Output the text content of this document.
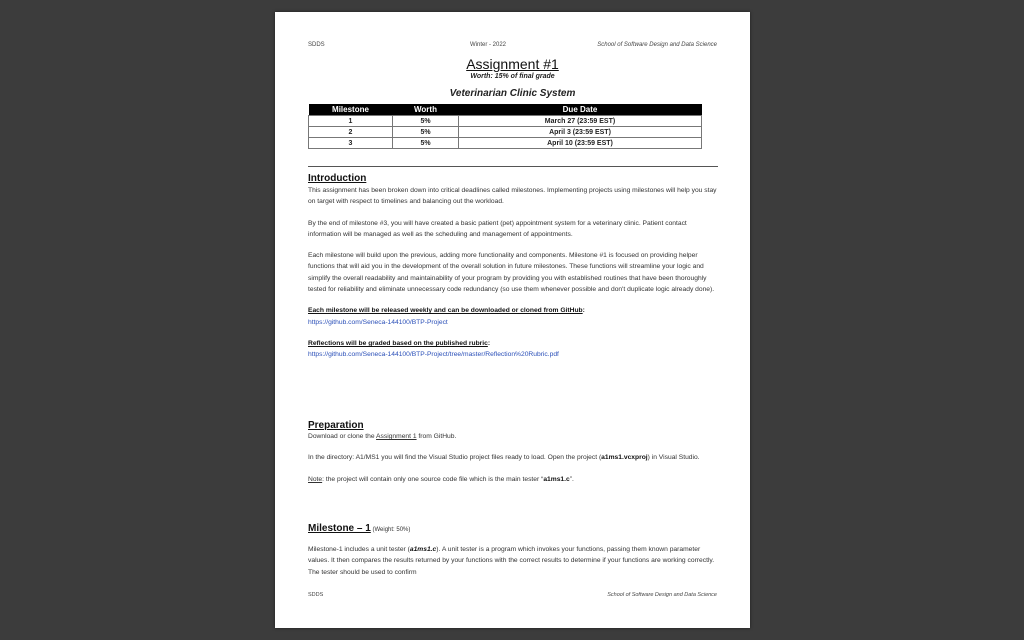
SDDS	Winter - 2022	School of Software Design and Data Science
Assignment #1
Worth: 15% of final grade
Veterinarian Clinic System
Milestone	Worth	Due Date
1	5%	March 27 (23:59 EST)
2	5%	April 3 (23:59 EST)
3	5%	April 10 (23:59 EST)
Introduction

This assignment has been broken down into critical deadlines called milestones. Implementing projects using milestones will help you stay on target with respect to timelines and balancing out the workload.

By the end of milestone #3, you will have created a basic patient (pet) appointment system for a veterinary clinic. Patient contact information will be managed as well as the scheduling and management of appointments.

Each milestone will build upon the previous, adding more functionality and components. Milestone #1 is focused on providing helper functions that will aid you in the development of the overall solution in future milestones. These functions will streamline your logic and simplify the overall readability and maintainability of your program by providing you with established routines that have been thoroughly tested for reliability and eliminate unnecessary code redundancy (so use them whenever possible and don't duplicate logic already done).

Each milestone will be released weekly and can be downloaded or cloned from GitHub:
https://github.com/Seneca-144100/BTP-Project

Reflections will be graded based on the published rubric:
https://github.com/Seneca-144100/BTP-Project/tree/master/Reflection%20Rubric.pdf

Preparation

Download or clone the Assignment 1 from GitHub.

In the directory: A1/MS1 you will find the Visual Studio project files ready to load. Open the project (a1ms1.vcxproj) in Visual Studio.

Note: the project will contain only one source code file which is the main tester “a1ms1.c”.

Milestone – 1 (Weight: 50%)

Milestone-1 includes a unit tester (a1ms1.c). A unit tester is a program which invokes your functions, passing them known parameter values. It then compares the results returned by your functions with the correct results to determine if your functions are working correctly. The tester should be used to confirm

SDDS	School of Software Design and Data Science
